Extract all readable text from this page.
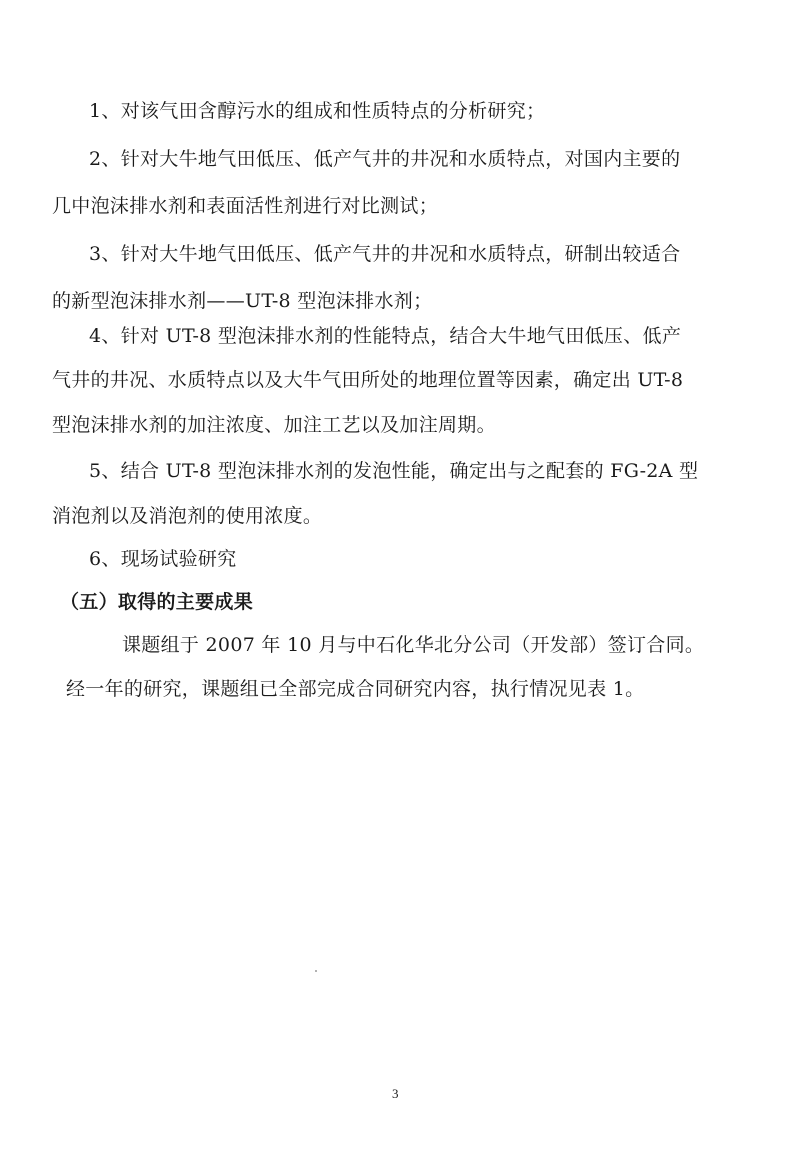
1、对该气田含醇污水的组成和性质特点的分析研究；
2、针对大牛地气田低压、低产气井的井况和水质特点，对国内主要的
几中泡沫排水剂和表面活性剂进行对比测试；
3、针对大牛地气田低压、低产气井的井况和水质特点，研制出较适合
的新型泡沫排水剂——UT-8 型泡沫排水剂；
4、针对 UT-8 型泡沫排水剂的性能特点，结合大牛地气田低压、低产
气井的井况、水质特点以及大牛气田所处的地理位置等因素，确定出 UT-8
型泡沫排水剂的加注浓度、加注工艺以及加注周期。
5、结合 UT-8 型泡沫排水剂的发泡性能，确定出与之配套的 FG-2A 型
消泡剂以及消泡剂的使用浓度。
6、现场试验研究
（五）取得的主要成果
课题组于 2007 年 10 月与中石化华北分公司（开发部）签订合同。
经一年的研究，课题组已全部完成合同研究内容，执行情况见表 1。
3
